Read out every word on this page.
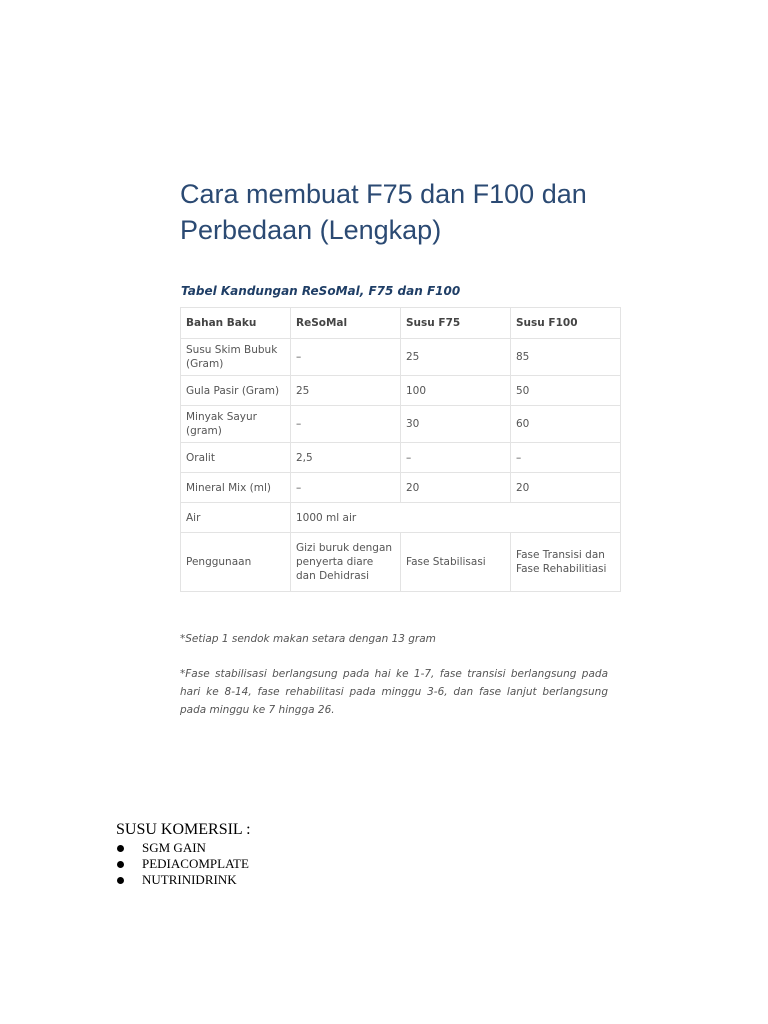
Cara membuat F75 dan F100 dan Perbedaan (Lengkap)
Tabel Kandungan ReSoMal, F75 dan F100
Bahan Baku	ReSoMal	Susu F75	Susu F100
Susu Skim Bubuk (Gram)	–	25	85
Gula Pasir (Gram)	25	100	50
Minyak Sayur (gram)	–	30	60
Oralit	2,5	–	–
Mineral Mix (ml)	–	20	20
Air	1000 ml air		
Penggunaan	Gizi buruk dengan penyerta diare dan Dehidrasi	Fase Stabilisasi	Fase Transisi dan Fase Rehabilitiasi

*Setiap 1 sendok makan setara dengan 13 gram

*Fase stabilisasi berlangsung pada hai ke 1-7, fase transisi berlangsung pada hari ke 8-14, fase rehabilitasi pada minggu 3-6, dan fase lanjut berlangsung pada minggu ke 7 hingga 26.

SUSU KOMERSIL :
SGM GAIN
PEDIACOMPLATE
NUTRINIDRINK
